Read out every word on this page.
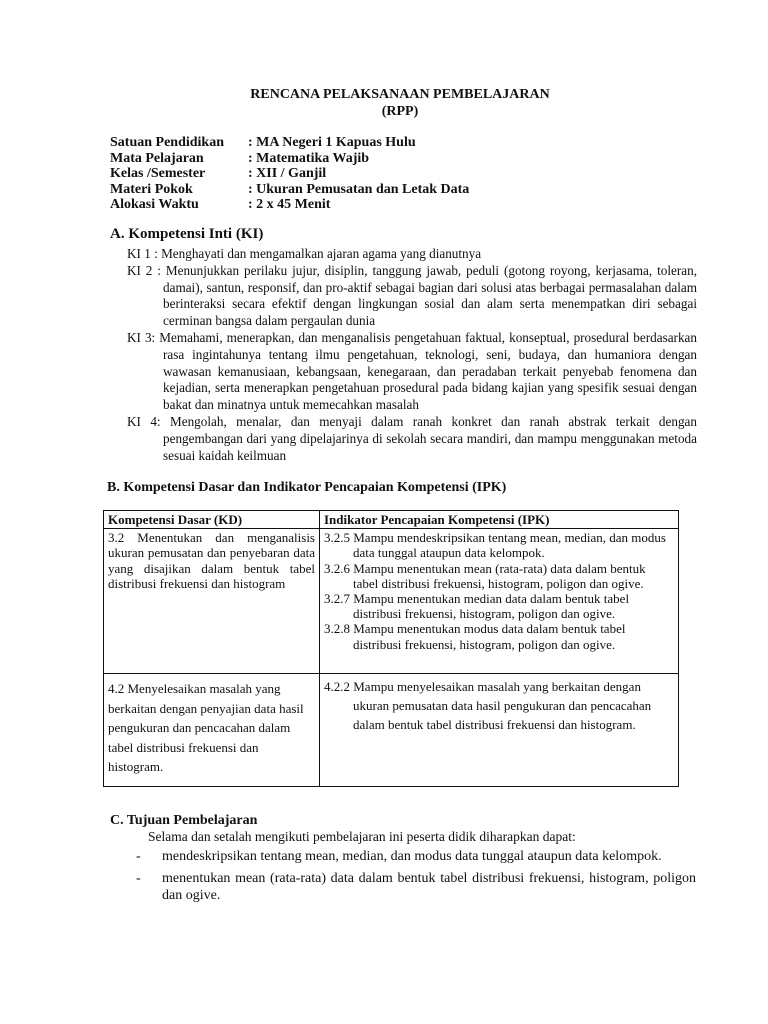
RENCANA PELAKSANAAN PEMBELAJARAN
(RPP)
Satuan Pendidikan	: MA Negeri 1 Kapuas Hulu
Mata Pelajaran	: Matematika Wajib
Kelas /Semester	: XII / Ganjil
Materi Pokok	: Ukuran Pemusatan dan Letak Data
Alokasi Waktu	: 2 x 45 Menit
A. Kompetensi Inti (KI)

KI 1 : Menghayati dan mengamalkan ajaran agama yang dianutnya

KI 2 : Menunjukkan perilaku jujur, disiplin, tanggung jawab, peduli (gotong royong, kerjasama, toleran, damai), santun, responsif, dan pro-aktif sebagai bagian dari solusi atas berbagai permasalahan dalam berinteraksi secara efektif dengan lingkungan sosial dan alam serta menempatkan diri sebagai cerminan bangsa dalam pergaulan dunia

KI 3: Memahami, menerapkan, dan menganalisis pengetahuan faktual, konseptual, prosedural berdasarkan rasa ingintahunya tentang ilmu pengetahuan, teknologi, seni, budaya, dan humaniora dengan wawasan kemanusiaan, kebangsaan, kenegaraan, dan peradaban terkait penyebab fenomena dan kejadian, serta menerapkan pengetahuan prosedural pada bidang kajian yang spesifik sesuai dengan bakat dan minatnya untuk memecahkan masalah

KI 4: Mengolah, menalar, dan menyaji dalam ranah konkret dan ranah abstrak terkait dengan pengembangan dari yang dipelajarinya di sekolah secara mandiri, dan mampu menggunakan metoda sesuai kaidah keilmuan

B. Kompetensi Dasar dan Indikator Pencapaian Kompetensi (IPK)
Kompetensi Dasar (KD)	Indikator Pencapaian Kompetensi (IPK)
3.2 Menentukan dan menganalisis ukuran pemusatan dan penyebaran data yang disajikan dalam bentuk tabel distribusi frekuensi dan histogram	3.2.5 Mampu mendeskripsikan tentang mean, median, dan modus data tunggal ataupun data kelompok.

3.2.6 Mampu menentukan mean (rata-rata) data dalam bentuk tabel distribusi frekuensi, histogram, poligon dan ogive.

3.2.7 Mampu menentukan median data dalam bentuk tabel distribusi frekuensi, histogram, poligon dan ogive.

3.2.8 Mampu menentukan modus data dalam bentuk tabel distribusi frekuensi, histogram, poligon dan ogive.

4.2 Menyelesaikan masalah yang berkaitan dengan penyajian data hasil pengukuran dan pencacahan dalam tabel distribusi frekuensi dan histogram.	4.2.2 Mampu menyelesaikan masalah yang berkaitan dengan ukuran pemusatan data hasil pengukuran dan pencacahan dalam bentuk tabel distribusi frekuensi dan histogram.

C. Tujuan Pembelajaran
Selama dan setalah mengikuti pembelajaran ini peserta didik diharapkan dapat:
-	mendeskripsikan tentang mean, median, dan modus data tunggal ataupun data kelompok.
-	menentukan mean (rata-rata) data dalam bentuk tabel distribusi frekuensi, histogram, poligon dan ogive.
